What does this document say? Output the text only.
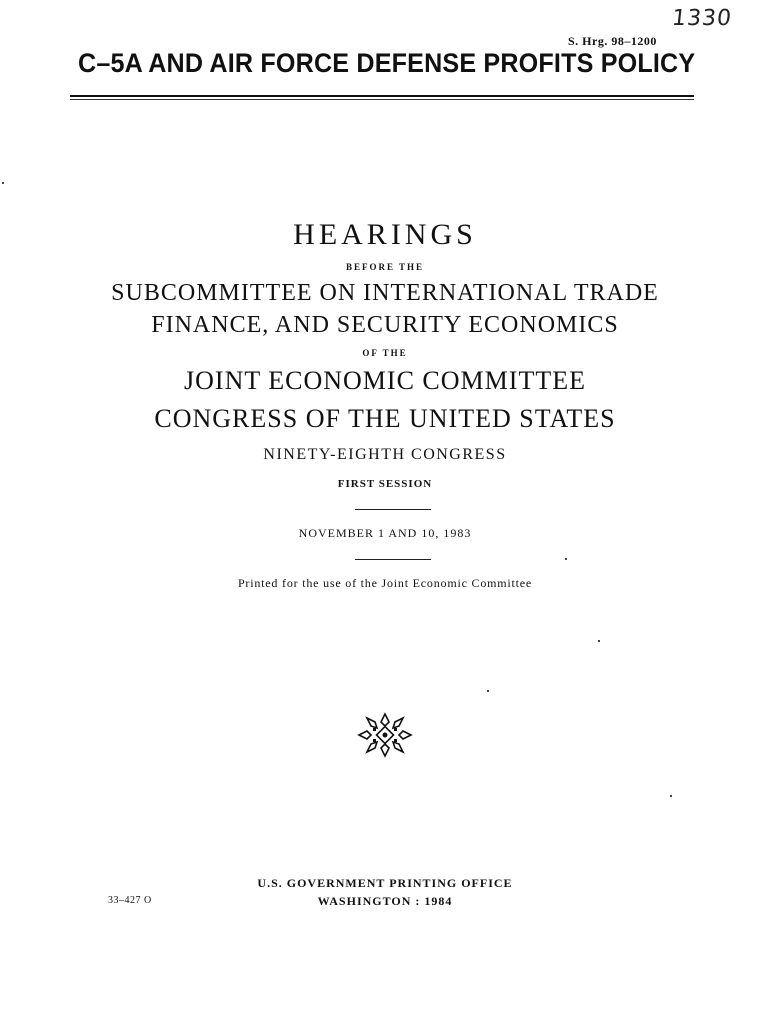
1330
S. Hrg. 98–1200
C–5A AND AIR FORCE DEFENSE PROFITS POLICY
HEARINGS
BEFORE THE
SUBCOMMITTEE ON INTERNATIONAL TRADE
FINANCE, AND SECURITY ECONOMICS
OF THE
JOINT ECONOMIC COMMITTEE
CONGRESS OF THE UNITED STATES
NINETY-EIGHTH CONGRESS
FIRST SESSION
NOVEMBER 1 AND 10, 1983
Printed for the use of the Joint Economic Committee
U.S. GOVERNMENT PRINTING OFFICE
WASHINGTON : 1984
33–427 O
